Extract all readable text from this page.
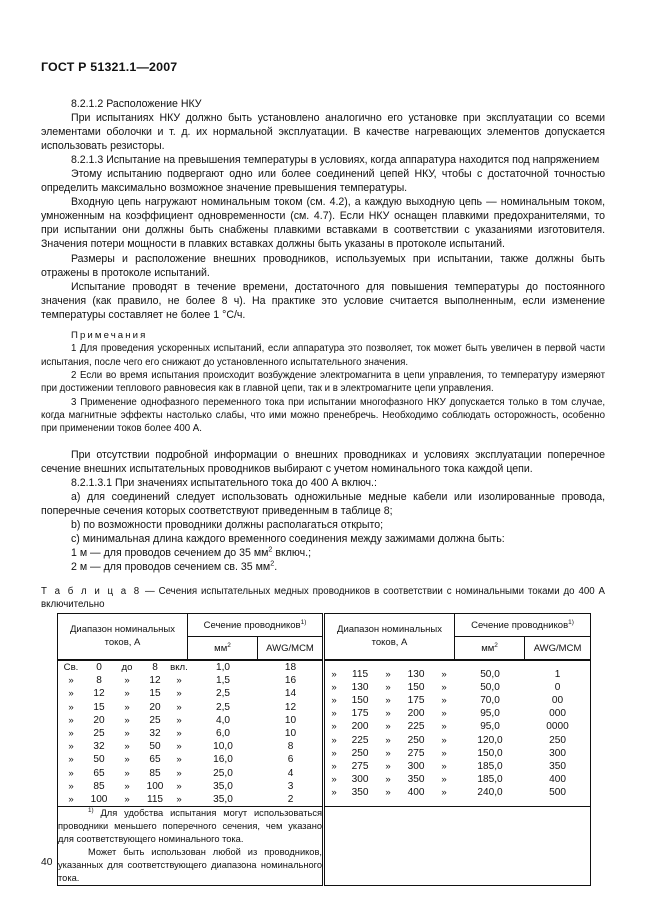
ГОСТ Р 51321.1—2007

8.2.1.2 Расположение НКУ

При испытаниях НКУ должно быть установлено аналогично его установке при эксплуатации со всеми элементами оболочки и т. д. их нормальной эксплуатации. В качестве нагревающих элементов допускается использовать резисторы.

8.2.1.3 Испытание на превышения температуры в условиях, когда аппаратура находится под напряжением

Этому испытанию подвергают одно или более соединений цепей НКУ, чтобы с достаточной точностью определить максимально возможное значение превышения температуры.

Входную цепь нагружают номинальным током (см. 4.2), а каждую выходную цепь — номинальным током, умноженным на коэффициент одновременности (см. 4.7). Если НКУ оснащен плавкими предохранителями, то при испытании они должны быть снабжены плавкими вставками в соответствии с указаниями изготовителя. Значения потери мощности в плавких вставках должны быть указаны в протоколе испытаний.

Размеры и расположение внешних проводников, используемых при испытании, также должны быть отражены в протоколе испытаний.

Испытание проводят в течение времени, достаточного для повышения температуры до постоянного значения (как правило, не более 8 ч). На практике это условие считается выполненным, если изменение температуры составляет не более 1 °С/ч.

Примечания

1 Для проведения ускоренных испытаний, если аппаратура это позволяет, ток может быть увеличен в первой части испытания, после чего его снижают до установленного испытательного значения.

2 Если во время испытания происходит возбуждение электромагнита в цепи управления, то температуру измеряют при достижении теплового равновесия как в главной цепи, так и в электромагните цепи управления.

3 Применение однофазного переменного тока при испытании многофазного НКУ допускается только в том случае, когда магнитные эффекты настолько слабы, что ими можно пренебречь. Необходимо соблюдать осторожность, особенно при применении токов более 400 А.

При отсутствии подробной информации о внешних проводниках и условиях эксплуатации поперечное сечение внешних испытательных проводников выбирают с учетом номинального тока каждой цепи.

8.2.1.3.1 При значениях испытательного тока до 400 А включ.:

a) для соединений следует использовать одножильные медные кабели или изолированные провода, поперечные сечения которых соответствуют приведенным в таблице 8;

b) по возможности проводники должны располагаться открыто;

c) минимальная длина каждого временного соединения между зажимами должна быть:

1 м — для проводов сечением до 35 $мм^2$ включ.;

2 м — для проводов сечением св. 35 $мм^2$.

Т а б л и ц а 8 — Сечения испытательных медных проводников в соответствии с номинальными токами до 400 А включительно
Диапазон номинальных токов, А	Сечение проводников$^{1)}$		Диапазон номинальных токов, А	Сечение проводников$^{1)}$
$мм^2$	AWG/MCM	$мм^2$	AWG/MCM

Св.	0	до	8	вкл.	1,0	18
»	8	»	12	»	1,5	16
»	12	»	15	»	2,5	14
»	15	»	20	»	2,5	12
»	20	»	25	»	4,0	10
»	25	»	32	»	6,0	10
»	32	»	50	»	10,0	8
»	50	»	65	»	16,0	6
»	65	»	85	»	25,0	4
»	85	»	100	»	35,0	3
»	100	»	115	»	35,0	2

»	115	»	130	»	50,0	1
»	130	»	150	»	50,0	0
»	150	»	175	»	70,0	00
»	175	»	200	»	95,0	000
»	200	»	225	»	95,0	0000
»	225	»	250	»	120,0	250
»	250	»	275	»	150,0	300
»	275	»	300	»	185,0	350
»	300	»	350	»	185,0	400
»	350	»	400	»	240,0	500

$^{1)}$ Для удобства испытания могут использоваться проводники меньшего поперечного сечения, чем указано для соответствующего номинального тока.

Может быть использован любой из проводников, указанных для соответствующего диапазона номинального тока.

40
